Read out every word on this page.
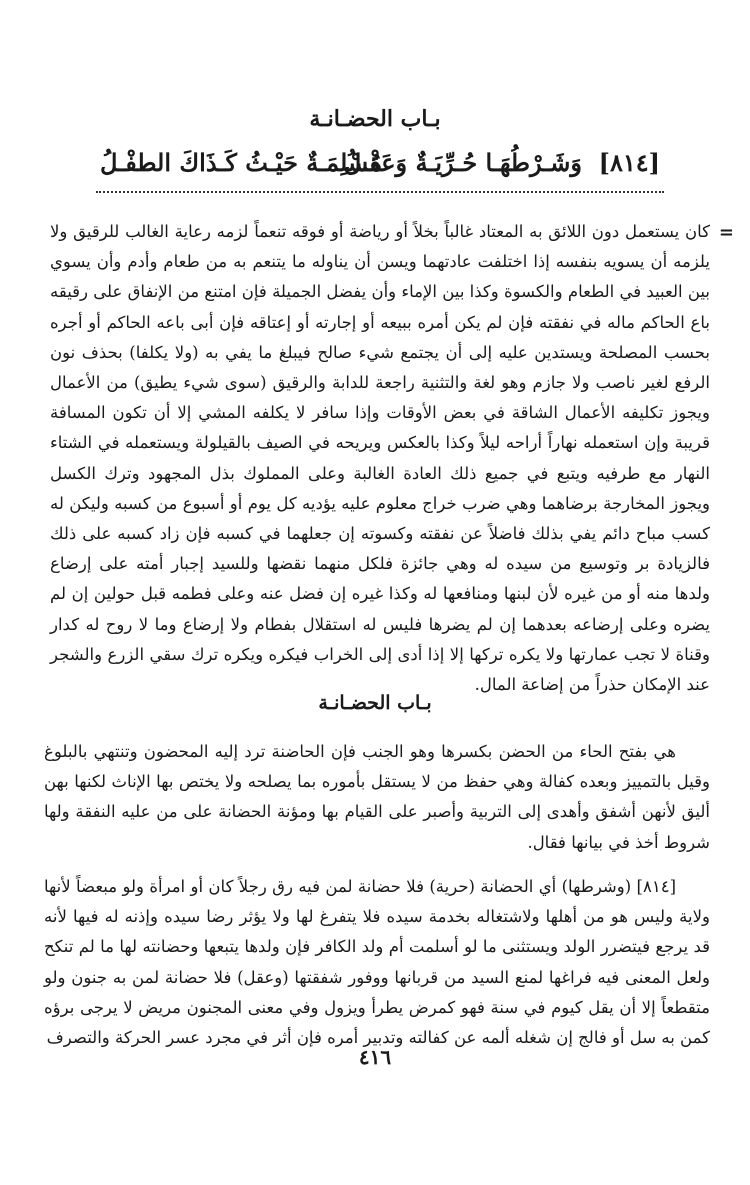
بـاب الحضـانـة
[٨١٤]
وَشَـرْطُهَـا حُـرِّيَـةٌ وَعَقْـلُ
مُسْلِمَـةٌ حَيْـثُ كَـذَاكَ الطفْـلُ
=

كان يستعمل دون اللائق به المعتاد غالباً بخلاً أو رياضة أو فوقه تنعماً لزمه رعاية الغالب للرقيق ولا يلزمه أن يسويه بنفسه إذا اختلفت عادتهما ويسن أن يناوله ما يتنعم به من طعام وأدم وأن يسوي بين العبيد في الطعام والكسوة وكذا بين الإماء وأن يفضل الجميلة فإن امتنع من الإنفاق على رقيقه باع الحاكم ماله في نفقته فإن لم يكن أمره ببيعه أو إجارته أو إعتاقه فإن أبى باعه الحاكم أو أجره بحسب المصلحة ويستدين عليه إلى أن يجتمع شيء صالح فيبلغ ما يفي به (ولا يكلفا) بحذف نون الرفع لغير ناصب ولا جازم وهو لغة والتثنية راجعة للدابة والرقيق (سوى شيء يطيق) من الأعمال ويجوز تكليفه الأعمال الشاقة في بعض الأوقات وإذا سافر لا يكلفه المشي إلا أن تكون المسافة قريبة وإن استعمله نهاراً أراحه ليلاً وكذا بالعكس ويريحه في الصيف بالقيلولة ويستعمله في الشتاء النهار مع طرفيه ويتبع في جميع ذلك العادة الغالبة وعلى المملوك بذل المجهود وترك الكسل ويجوز المخارجة برضاهما وهي ضرب خراج معلوم عليه يؤديه كل يوم أو أسبوع من كسبه وليكن له كسب مباح دائم يفي بذلك فاضلاً عن نفقته وكسوته إن جعلهما في كسبه فإن زاد كسبه على ذلك فالزيادة بر وتوسيع من سيده له وهي جائزة فلكل منهما نقضها وللسيد إجبار أمته على إرضاع ولدها منه أو من غيره لأن لبنها ومنافعها له وكذا غيره إن فضل عنه وعلى فطمه قبل حولين إن لم يضره وعلى إرضاعه بعدهما إن لم يضرها فليس له استقلال بفطام ولا إرضاع وما لا روح له كدار وقناة لا تجب عمارتها ولا يكره تركها إلا إذا أدى إلى الخراب فيكره ويكره ترك سقي الزرع والشجر عند الإمكان حذراً من إضاعة المال.

بـاب الحضـانـة

هي بفتح الحاء من الحضن بكسرها وهو الجنب فإن الحاضنة ترد إليه المحضون وتنتهي بالبلوغ وقيل بالتمييز وبعده كفالة وهي حفظ من لا يستقل بأموره بما يصلحه ولا يختص بها الإناث لكنها بهن أليق لأنهن أشفق وأهدى إلى التربية وأصبر على القيام بها ومؤنة الحضانة على من عليه النفقة ولها شروط أخذ في بيانها فقال.

[٨١٤] (وشرطها) أي الحضانة (حرية) فلا حضانة لمن فيه رق رجلاً كان أو امرأة ولو مبعضاً لأنها ولاية وليس هو من أهلها ولاشتغاله بخدمة سيده فلا يتفرغ لها ولا يؤثر رضا سيده وإذنه له فيها لأنه قد يرجع فيتضرر الولد ويستثنى ما لو أسلمت أم ولد الكافر فإن ولدها يتبعها وحضانته لها ما لم تنكح ولعل المعنى فيه فراغها لمنع السيد من قربانها ووفور شفقتها (وعقل) فلا حضانة لمن به جنون ولو متقطعاً إلا أن يقل كيوم في سنة فهو كمرض يطرأ ويزول وفي معنى المجنون مريض لا يرجى برؤه كمن به سل أو فالج إن شغله ألمه عن كفالته وتدبير أمره فإن أثر في مجرد عسر الحركة والتصرف

٤١٦
